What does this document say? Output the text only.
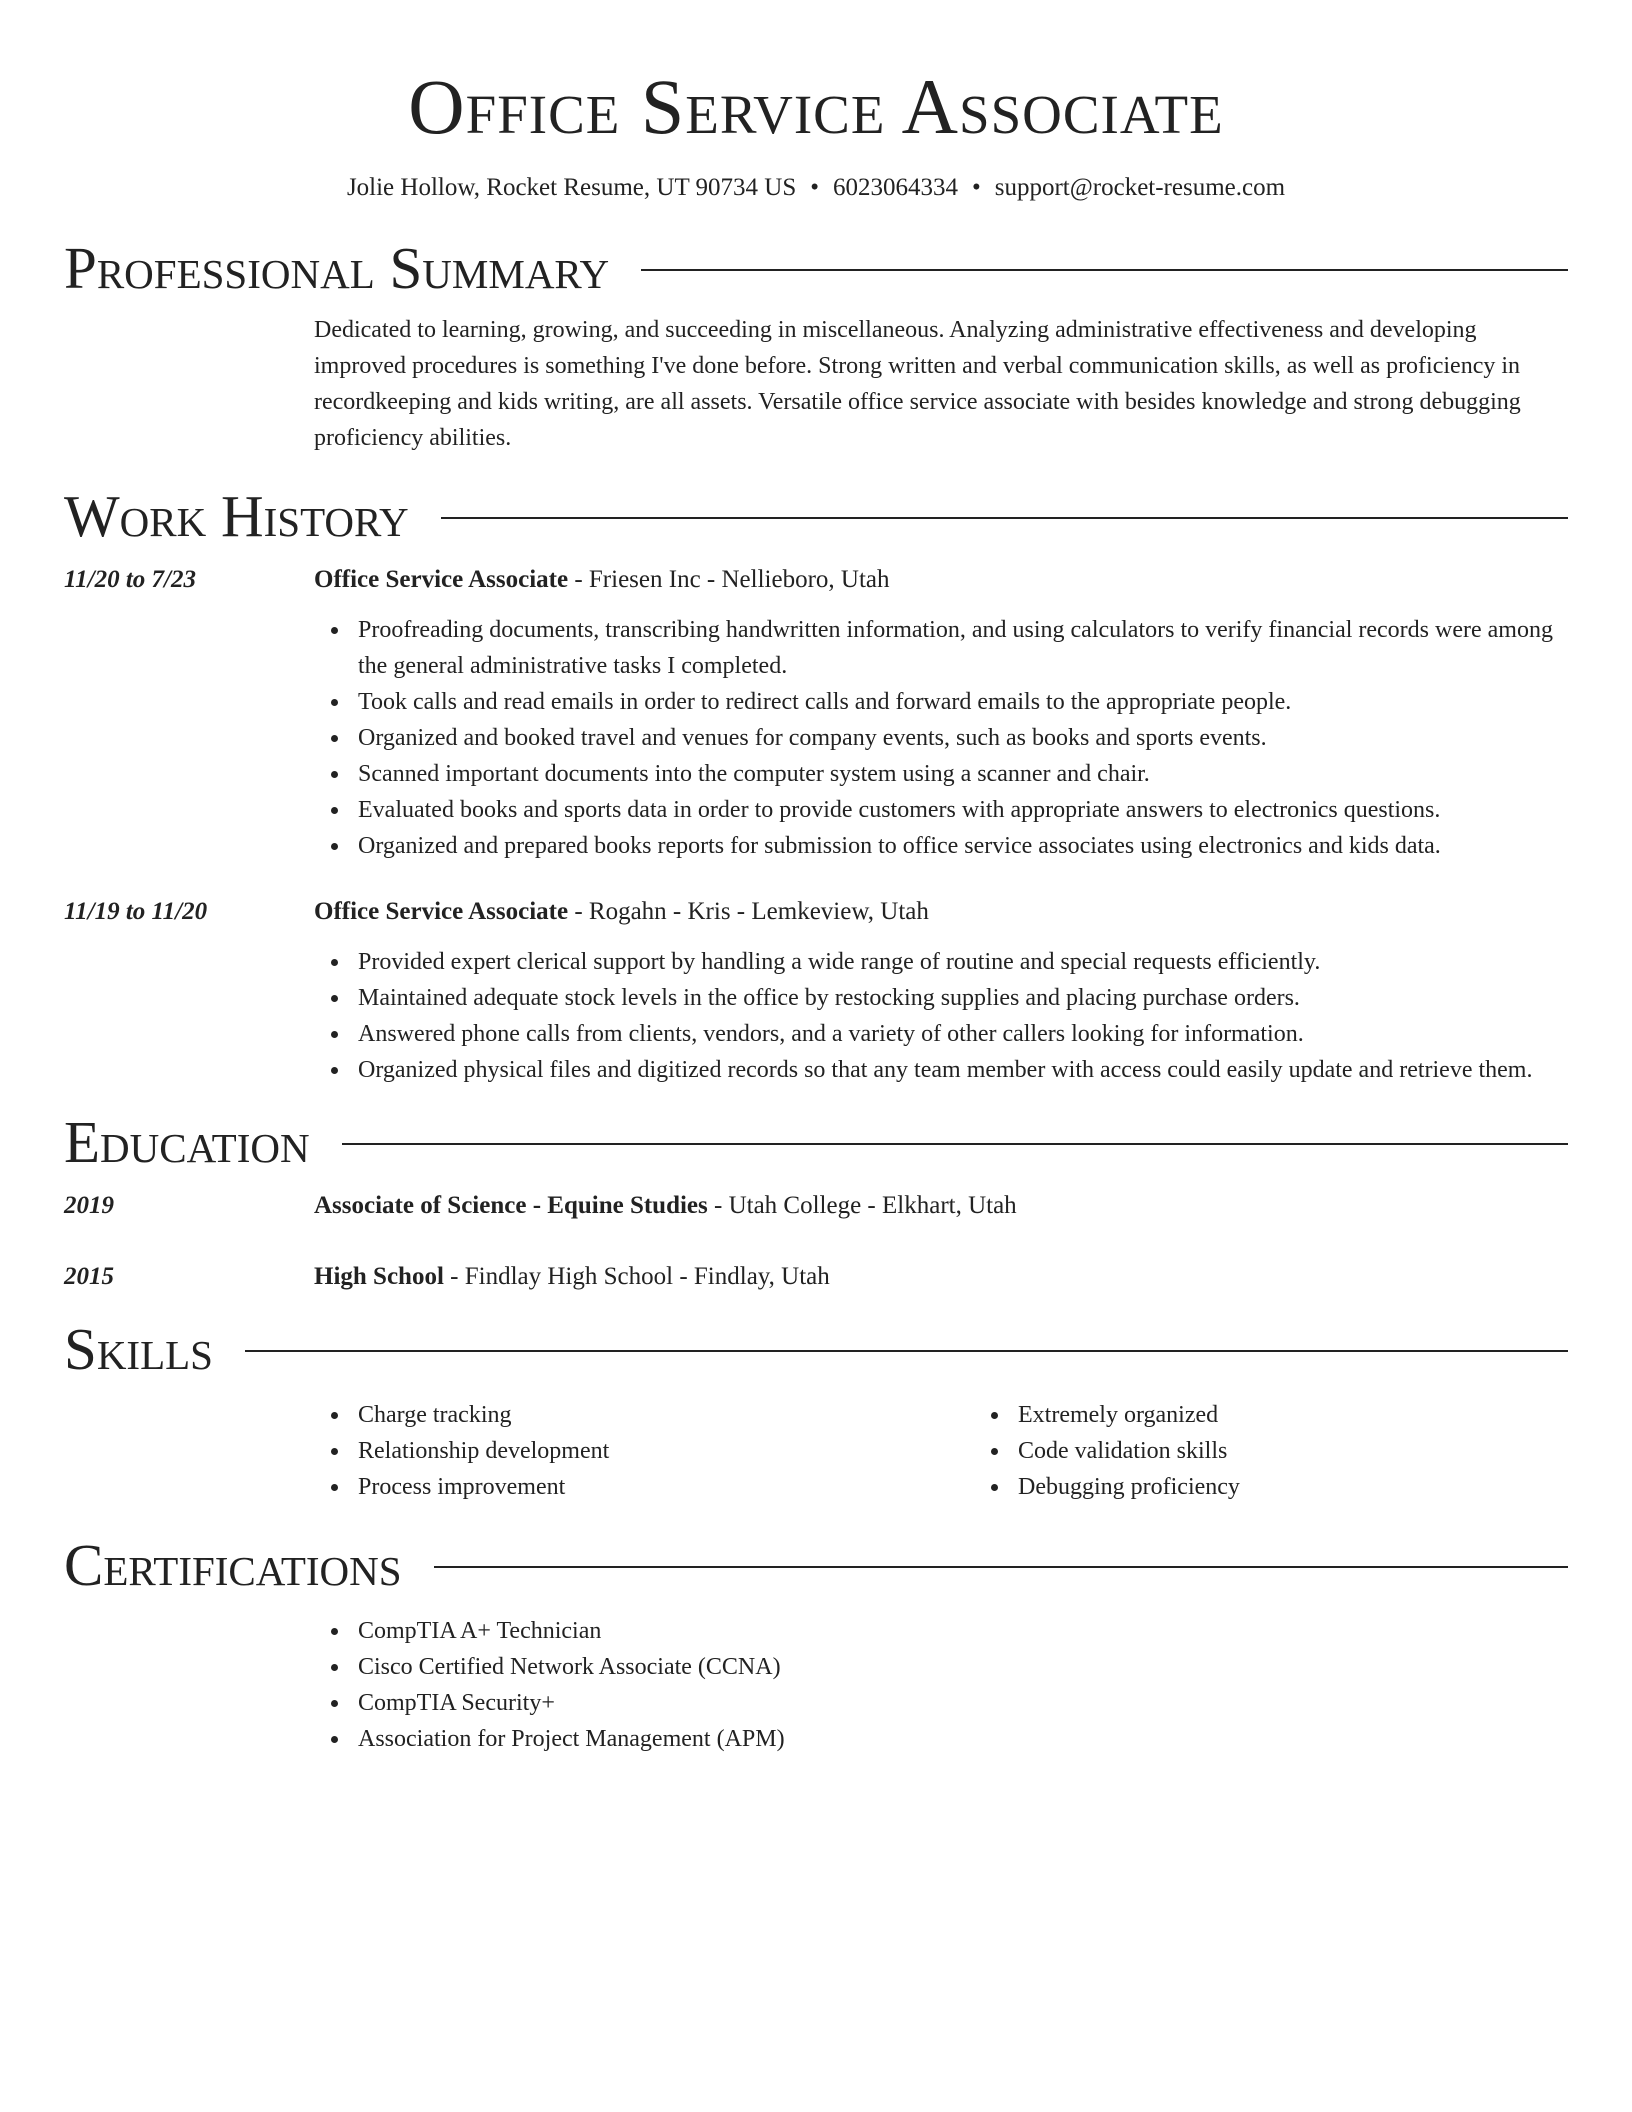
Office Service Associate
Jolie Hollow, Rocket Resume, UT 90734 US • 6023064334 • support@rocket-resume.com
Professional Summary

Dedicated to learning, growing, and succeeding in miscellaneous. Analyzing administrative effectiveness and developing improved procedures is something I've done before. Strong written and verbal communication skills, as well as proficiency in recordkeeping and kids writing, are all assets. Versatile office service associate with besides knowledge and strong debugging proficiency abilities.

Work History
11/20 to 7/23	Office Service Associate - Friesen Inc - Nellieboro, Utah
Proofreading documents, transcribing handwritten information, and using calculators to verify financial records were among the general administrative tasks I completed.
Took calls and read emails in order to redirect calls and forward emails to the appropriate people.
Organized and booked travel and venues for company events, such as books and sports events.
Scanned important documents into the computer system using a scanner and chair.
Evaluated books and sports data in order to provide customers with appropriate answers to electronics questions.
Organized and prepared books reports for submission to office service associates using electronics and kids data.
11/19 to 11/20	Office Service Associate - Rogahn - Kris - Lemkeview, Utah
Provided expert clerical support by handling a wide range of routine and special requests efficiently.
Maintained adequate stock levels in the office by restocking supplies and placing purchase orders.
Answered phone calls from clients, vendors, and a variety of other callers looking for information.
Organized physical files and digitized records so that any team member with access could easily update and retrieve them.
Education
2019	Associate of Science - Equine Studies - Utah College - Elkhart, Utah
2015	High School - Findlay High School - Findlay, Utah
Skills
Charge tracking
Relationship development
Process improvement
Extremely organized
Code validation skills
Debugging proficiency
Certifications
CompTIA A+ Technician
Cisco Certified Network Associate (CCNA)
CompTIA Security+
Association for Project Management (APM)
